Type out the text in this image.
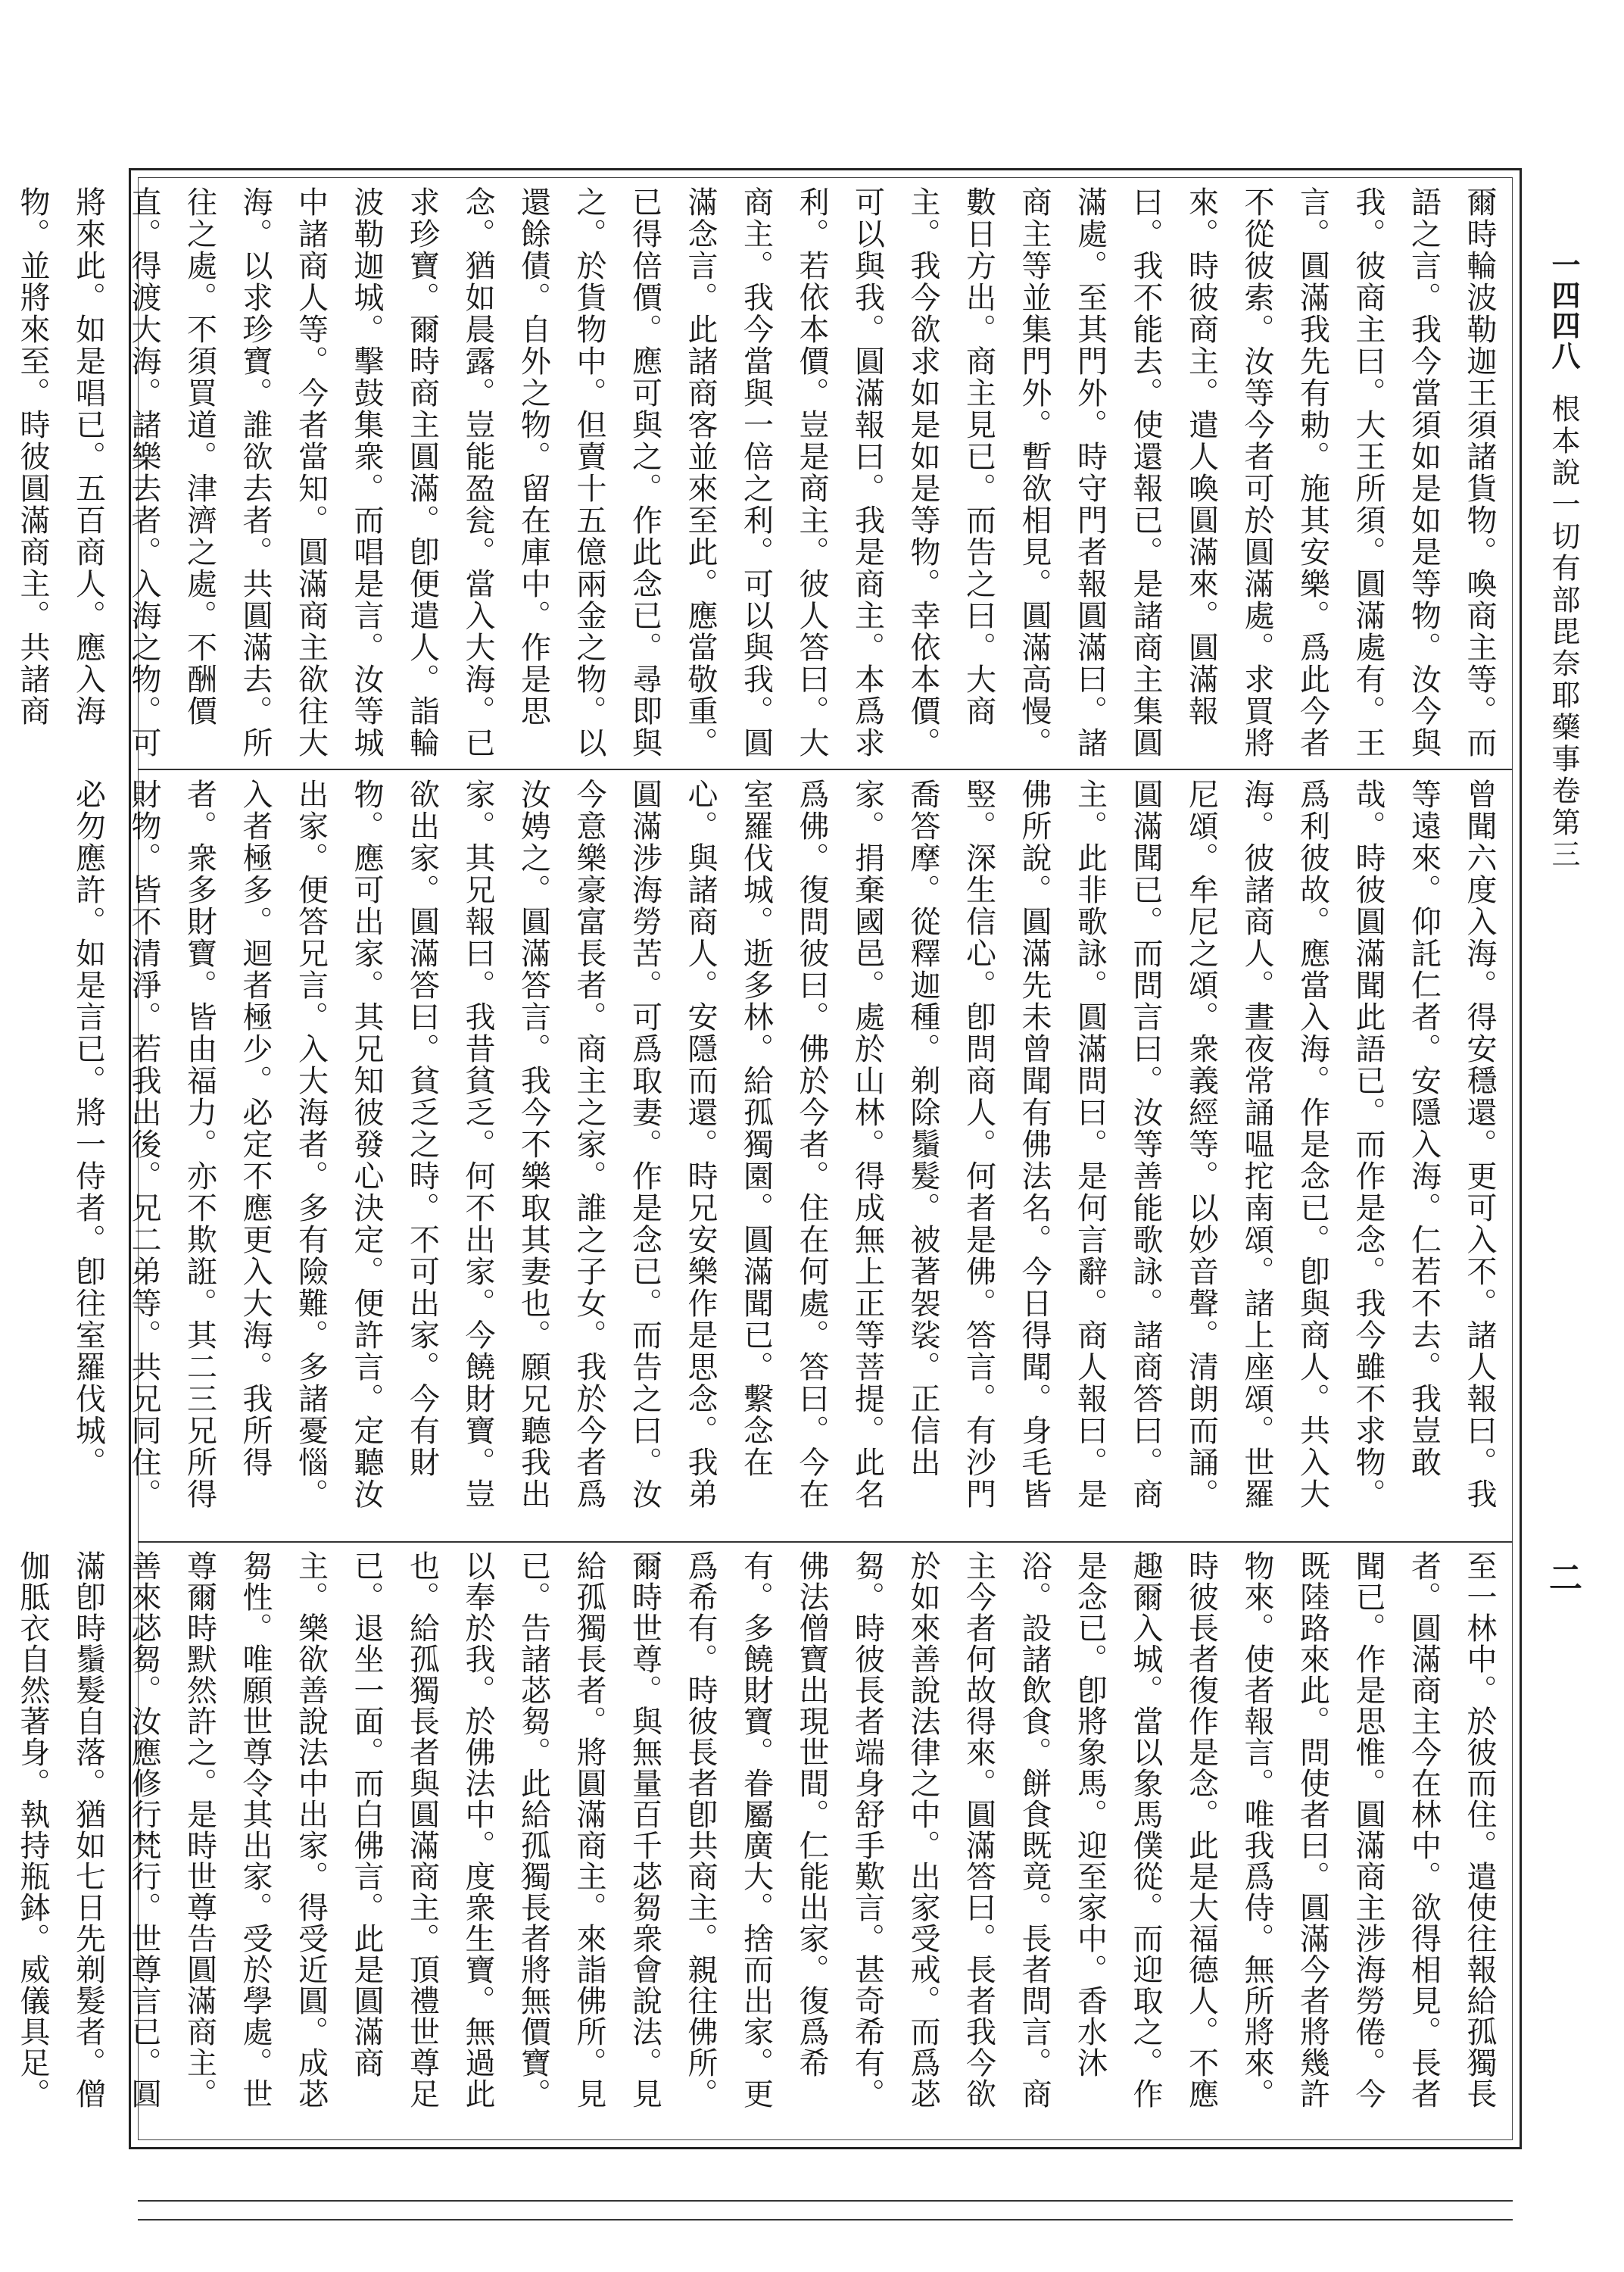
一四四八根本說一切有部毘奈耶藥事卷第三
二
爾時輪波勒迦王須諸貨物。喚商主等。而語之言。我今當須如是如是等物。汝今與我。彼商主曰。大王所須。圓滿處有。王言。圓滿我先有勅。施其安樂。爲此今者不從彼索。汝等今者可於圓滿處。求買將來。時彼商主。遣人喚圓滿來。圓滿報曰。我不能去。使還報已。是諸商主集圓滿處。至其門外。時守門者報圓滿曰。諸商主等並集門外。暫欲相見。圓滿高慢。數日方出。商主見已。而告之曰。大商主。我今欲求如是如是等物。幸依本價。可以與我。圓滿報曰。我是商主。本爲求利。若依本價。豈是商主。彼人答曰。大商主。我今當與一倍之利。可以與我。圓滿念言。此諸商客並來至此。應當敬重。已得倍價。應可與之。作此念已。尋即與之。於貨物中。但賣十五億兩金之物。以還餘債。自外之物。留在庫中。作是思念。猶如晨露。豈能盈瓮。當入大海。已求珍寶。爾時商主圓滿。卽便遣人。詣輪波勒迦城。擊鼓集衆。而唱是言。汝等城中諸商人等。今者當知。圓滿商主欲往大海。以求珍寶。誰欲去者。共圓滿去。所往之處。不須買道。津濟之處。不酬價直。得渡大海。諸樂去者。入海之物。可將來此。如是唱已。五百商人。應入海物。並將來至。時彼圓滿商主。共諸商
曾聞六度入海。得安穩還。更可入不。諸人報曰。我等遠來。仰託仁者。安隱入海。仁若不去。我豈敢哉。時彼圓滿聞此語已。而作是念。我今雖不求物。爲利彼故。應當入海。作是念已。卽與商人。共入大海。彼諸商人。晝夜常誦嗢拕南頌。諸上座頌。世羅尼頌。牟尼之頌。衆義經等。以妙音聲。清朗而誦。圓滿聞已。而問言曰。汝等善能歌詠。諸商答曰。商主。此非歌詠。圓滿問曰。是何言辭。商人報曰。是佛所說。圓滿先未曾聞有佛法名。今日得聞。身毛皆竪。深生信心。卽問商人。何者是佛。答言。有沙門喬答摩。從釋迦種。剃除鬚髮。被著袈裟。正信出家。捐棄國邑。處於山林。得成無上正等菩提。此名爲佛。復問彼曰。佛於今者。住在何處。答曰。今在室羅伐城。逝多林。給孤獨園。圓滿聞已。繫念在心。與諸商人。安隱而還。時兄安樂作是思念。我弟圓滿涉海勞苦。可爲取妻。作是念已。而告之曰。汝今意樂豪富長者。商主之家。誰之子女。我於今者爲汝娉之。圓滿答言。我今不樂取其妻也。願兄聽我出家。其兄報曰。我昔貧乏。何不出家。今饒財寶。豈欲出家。圓滿答曰。貧乏之時。不可出家。今有財物。應可出家。其兄知彼發心決定。便許言。定聽汝出家。便答兄言。入大海者。多有險難。多諸憂惱。入者極多。迴者極少。必定不應更入大海。我所得者。衆多財寶。皆由福力。亦不欺誑。其二三兄所得財物。皆不清淨。若我出後。兄二弟等。共兄同住。必勿應許。如是言已。將一侍者。卽往室羅伐城。
至一林中。於彼而住。遣使往報給孤獨長者。圓滿商主今在林中。欲得相見。長者聞已。作是思惟。圓滿商主涉海勞倦。今既陸路來此。問使者曰。圓滿今者將幾許物來。使者報言。唯我爲侍。無所將來。時彼長者復作是念。此是大福德人。不應趣爾入城。當以象馬僕從。而迎取之。作是念已。卽將象馬。迎至家中。香水沐浴。設諸飲食。餅食既竟。長者問言。商主今者何故得來。圓滿答曰。長者我今欲於如來善說法律之中。出家受戒。而爲苾芻。時彼長者端身舒手歎言。甚奇希有。佛法僧寶出現世間。仁能出家。復爲希有。多饒財寶。眷屬廣大。捨而出家。更爲希有。時彼長者卽共商主。親往佛所。爾時世尊。與無量百千苾芻衆會說法。見給孤獨長者。將圓滿商主。來詣佛所。見已。告諸苾芻。此給孤獨長者將無價寶。以奉於我。於佛法中。度衆生寶。無過此也。給孤獨長者與圓滿商主。頂禮世尊足已。退坐一面。而白佛言。此是圓滿商主。樂欲善說法中出家。得受近圓。成苾芻性。唯願世尊令其出家。受於學處。世尊爾時默然許之。是時世尊告圓滿商主。善來苾芻。汝應修行梵行。世尊言已。圓滿卽時鬚髮自落。猶如七日先剃髮者。僧伽胝衣自然著身。執持瓶鉢。威儀具足。
